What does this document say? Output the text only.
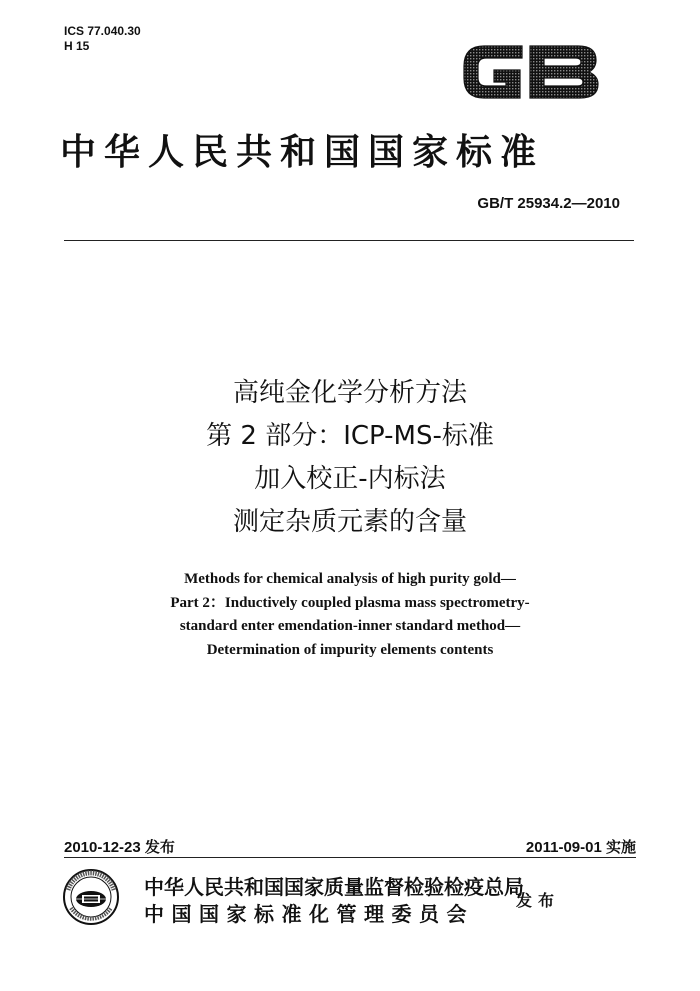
ICS 77.040.30
H 15
中华人民共和国国家标准
GB/T 25934.2—2010
高纯金化学分析方法
第 2 部分：ICP-MS-标准
加入校正-内标法
测定杂质元素的含量
Methods for chemical analysis of high purity gold—
Part 2：Inductively coupled plasma mass spectrometry-
standard enter emendation-inner standard method—
Determination of impurity elements contents
2010-12-23 发布	2011-09-01 实施
中华人民共和国国家质量监督检验检疫总局
中国国家标准化管理委员会
发布
